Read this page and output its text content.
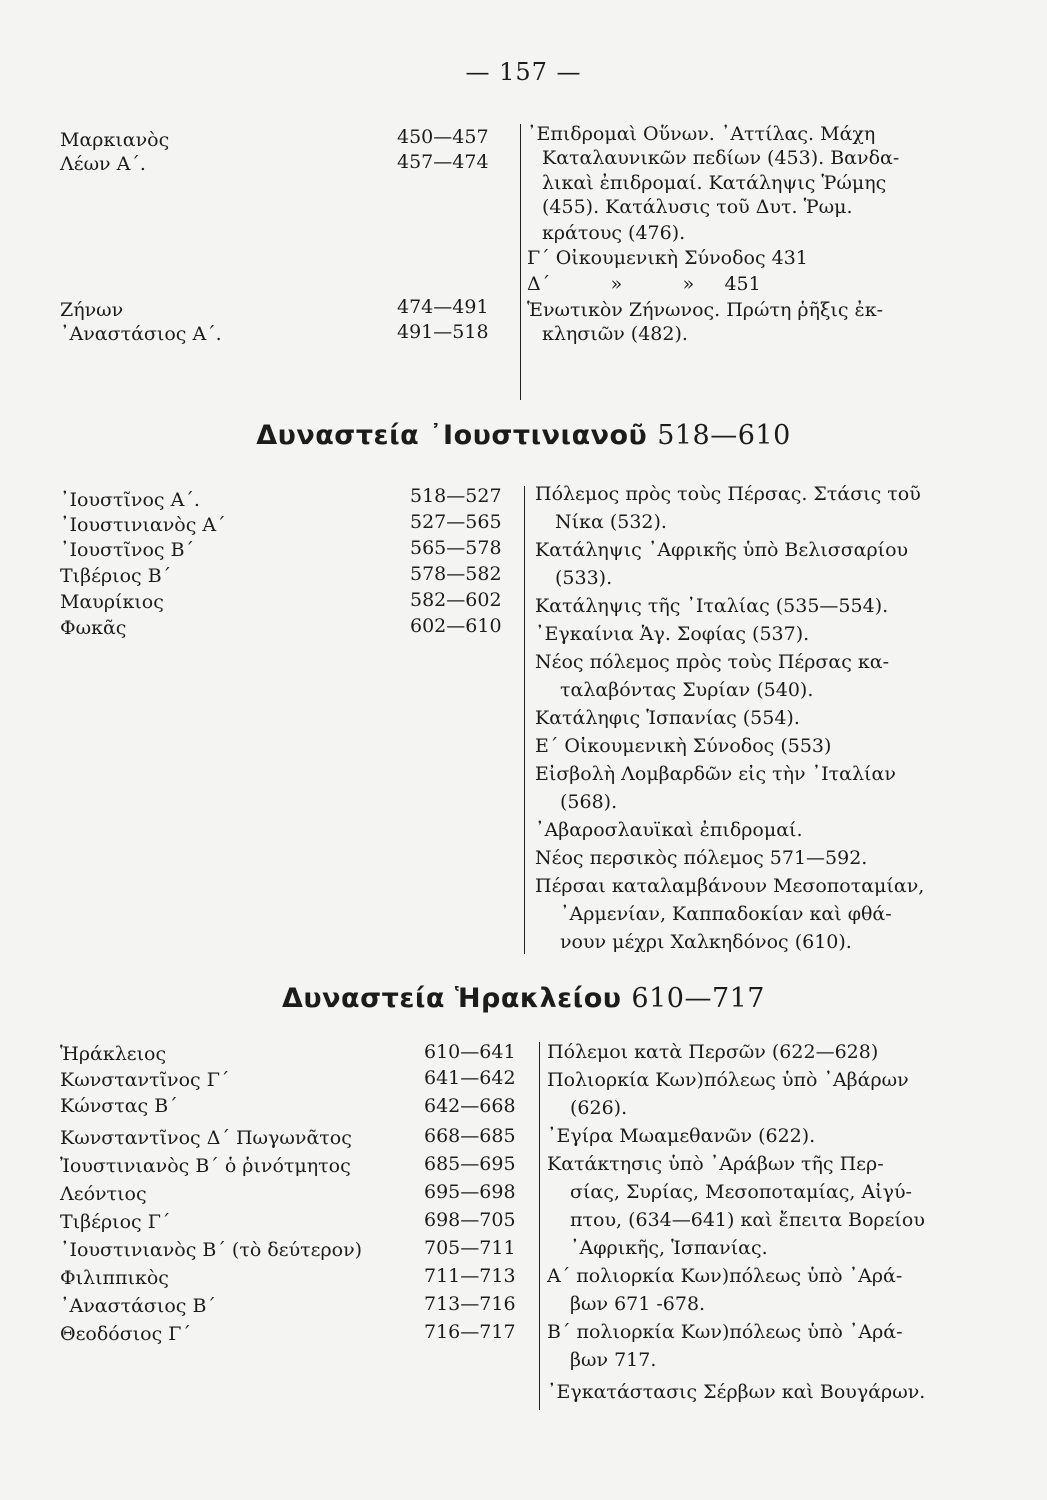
— 157 —
Μαρκιανὸς
Λέων Α΄.
Ζήνων
᾿Αναστάσιος Α΄.
450—457
457—474
474—491
491—518
᾿Επιδρομαὶ Οὕνων. ᾿Αττίλας. Μάχη
Καταλαυνικῶν πεδίων (453). Βανδα-
λικαὶ ἐπιδρομαί. Κατάληψις Ῥώμης
(455). Κατάλυσις τοῦ Δυτ. Ῥωμ.
κράτους (476).
Γ΄ Οἰκουμενικὴ Σύνοδος 431
Δ΄          »          »     451
Ἑνωτικὸν Ζήνωνος. Πρώτη ῥῆξις ἐκ-
κλησιῶν (482).
Δυναστεία ᾿Ιουστινιανοῦ 518—610
᾿Ιουστῖνος Α΄.
᾿Ιουστινιανὸς Α΄
᾿Ιουστῖνος Β΄
Τιβέριος Β΄
Μαυρίκιος
Φωκᾶς
518—527
527—565
565—578
578—582
582—602
602—610
Πόλεμος πρὸς τοὺς Πέρσας. Στάσις τοῦ
Νίκα (532).
Κατάληψις ᾿Αφρικῆς ὑπὸ Βελισσαρίου
(533).
Κατάληψις τῆς ᾿Ιταλίας (535—554).
᾿Εγκαίνια Ἁγ. Σοφίας (537).
Νέος πόλεμος πρὸς τοὺς Πέρσας κα-
ταλαβόντας Συρίαν (540).
Κατάληφις Ἱσπανίας (554).
Ε΄ Οἰκουμενικὴ Σύνοδος (553)
Εἰσβολὴ Λομβαρδῶν εἰς τὴν ᾿Ιταλίαν
(568).
᾿Αβαροσλαυϊκαὶ ἐπιδρομαί.
Νέος περσικὸς πόλεμος 571—592.
Πέρσαι καταλαμβάνουν Μεσοποταμίαν,
᾿Αρμενίαν, Καππαδοκίαν καὶ φθά-
νουν μέχρι Χαλκηδόνος (610).
Δυναστεία Ἡρακλείου 610—717
Ἡράκλειος
Κωνσταντῖνος Γ΄
Κώνστας Β΄
Κωνσταντῖνος Δ΄ Πωγωνᾶτος
Ἰουστινιανὸς Β΄ ὁ ῥινότμητος
Λεόντιος
Τιβέριος Γ΄
᾿Ιουστινιανὸς Β΄ (τὸ δεύτερον)
Φιλιππικὸς
᾿Αναστάσιος Β΄
Θεοδόσιος Γ΄
610—641
641—642
642—668
668—685
685—695
695—698
698—705
705—711
711—713
713—716
716—717
Πόλεμοι κατὰ Περσῶν (622—628)
Πολιορκία Κων)πόλεως ὑπὸ ᾿Αβάρων
(626).
᾿Εγίρα Μωαμεθανῶν (622).
Κατάκτησις ὑπὸ ᾿Αράβων τῆς Περ-
σίας, Συρίας, Μεσοποταμίας, Αἰγύ-
πτου, (634—641) καὶ ἔπειτα Βορείου
᾿Αφρικῆς, Ἱσπανίας.
Α΄ πολιορκία Κων)πόλεως ὑπὸ ᾿Αρά-
βων 671 -678.
Β΄ πολιορκία Κων)πόλεως ὑπὸ ᾿Αρά-
βων 717.
᾿Εγκατάστασις Σέρβων καὶ Βουγάρων.
